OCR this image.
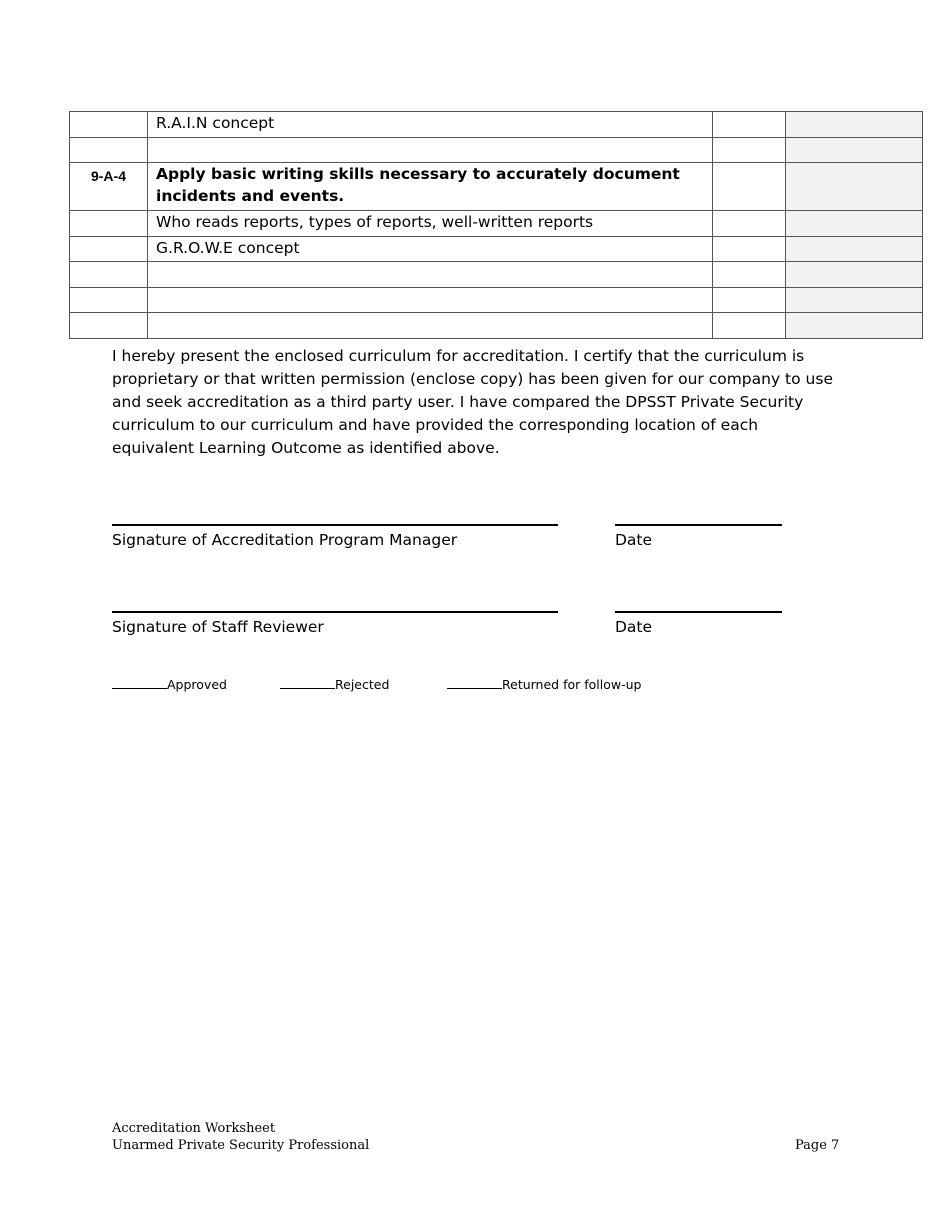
	R.A.I.N concept		

9-A-4	Apply basic writing skills necessary to accurately document incidents and events.		
	Who reads reports, types of reports, well-written reports		
	G.R.O.W.E concept		

I hereby present the enclosed curriculum for accreditation. I certify that the curriculum is proprietary or that written permission (enclose copy) has been given for our company to use and seek accreditation as a third party user. I have compared the DPSST Private Security curriculum to our curriculum and have provided the corresponding location of each equivalent Learning Outcome as identified above.

Signature of Accreditation Program Manager	Date
Signature of Staff Reviewer	Date
Approved	Rejected	Returned for follow-up
Accreditation Worksheet
Unarmed Private Security Professional	Page 7
